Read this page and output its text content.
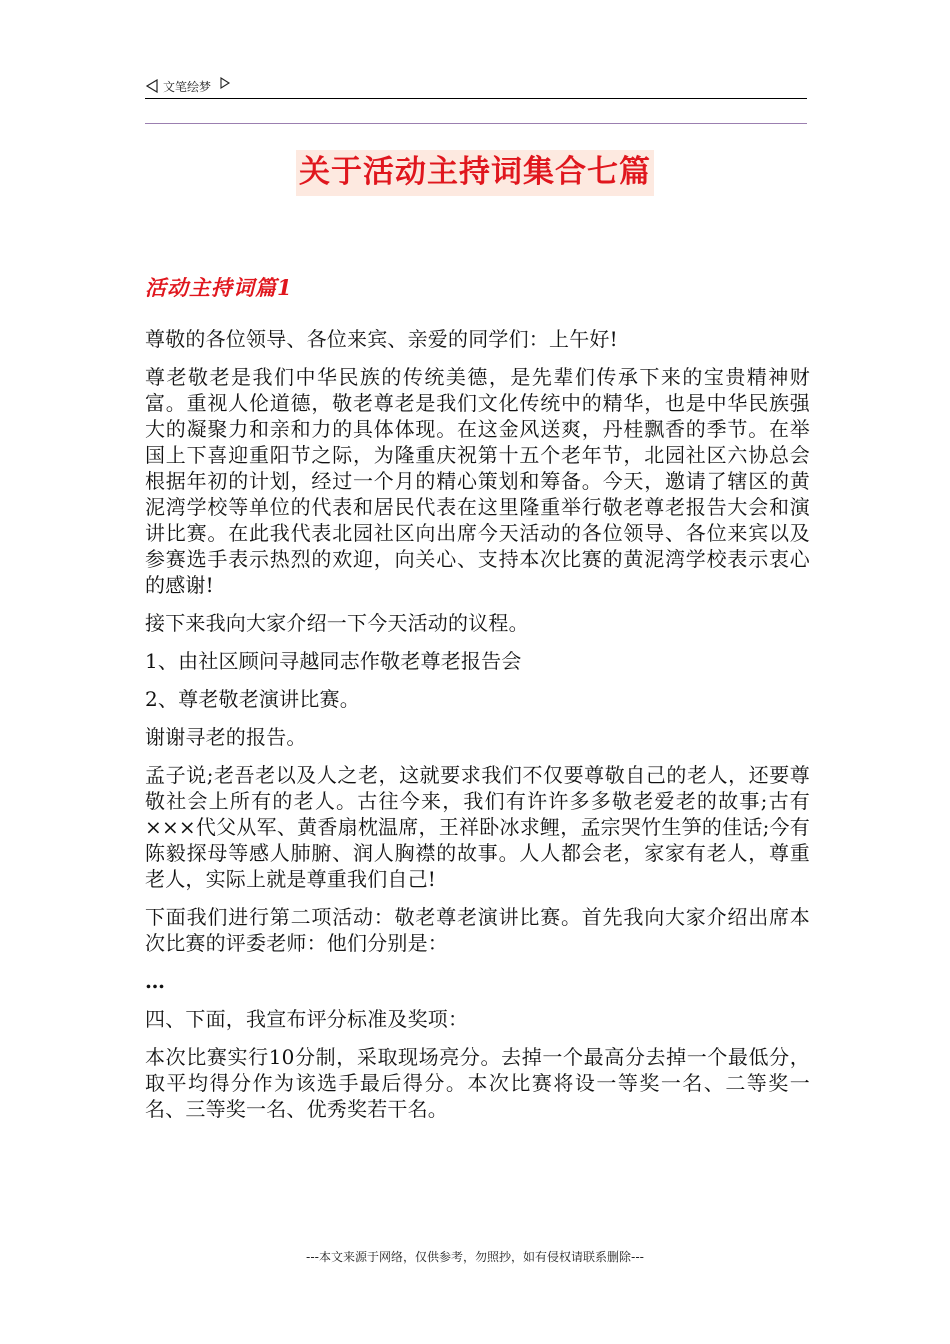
文笔绘梦
关于活动主持词集合七篇
活动主持词篇1

尊敬的各位领导、各位来宾、亲爱的同学们：上午好!

尊老敬老是我们中华民族的传统美德，是先辈们传承下来的宝贵精神财富。重视人伦道德，敬老尊老是我们文化传统中的精华，也是中华民族强大的凝聚力和亲和力的具体体现。在这金风送爽，丹桂飘香的季节。在举国上下喜迎重阳节之际，为隆重庆祝第十五个老年节，北园社区六协总会根据年初的计划，经过一个月的精心策划和筹备。今天，邀请了辖区的黄泥湾学校等单位的代表和居民代表在这里隆重举行敬老尊老报告大会和演讲比赛。在此我代表北园社区向出席今天活动的各位领导、各位来宾以及参赛选手表示热烈的欢迎，向关心、支持本次比赛的黄泥湾学校表示衷心的感谢!

接下来我向大家介绍一下今天活动的议程。

1、由社区顾问寻越同志作敬老尊老报告会

2、尊老敬老演讲比赛。

谢谢寻老的报告。

孟子说;老吾老以及人之老，这就要求我们不仅要尊敬自己的老人，还要尊敬社会上所有的老人。古往今来，我们有许许多多敬老爱老的故事;古有×××代父从军、黄香扇枕温席，王祥卧冰求鲤，孟宗哭竹生笋的佳话;今有陈毅探母等感人肺腑、润人胸襟的故事。人人都会老，家家有老人，尊重老人，实际上就是尊重我们自己!

下面我们进行第二项活动：敬老尊老演讲比赛。首先我向大家介绍出席本次比赛的评委老师：他们分别是：

…

四、下面，我宣布评分标准及奖项：

本次比赛实行10分制，采取现场亮分。去掉一个最高分去掉一个最低分，取平均得分作为该选手最后得分。本次比赛将设一等奖一名、二等奖一名、三等奖一名、优秀奖若干名。

---本文来源于网络，仅供参考，勿照抄，如有侵权请联系删除---
